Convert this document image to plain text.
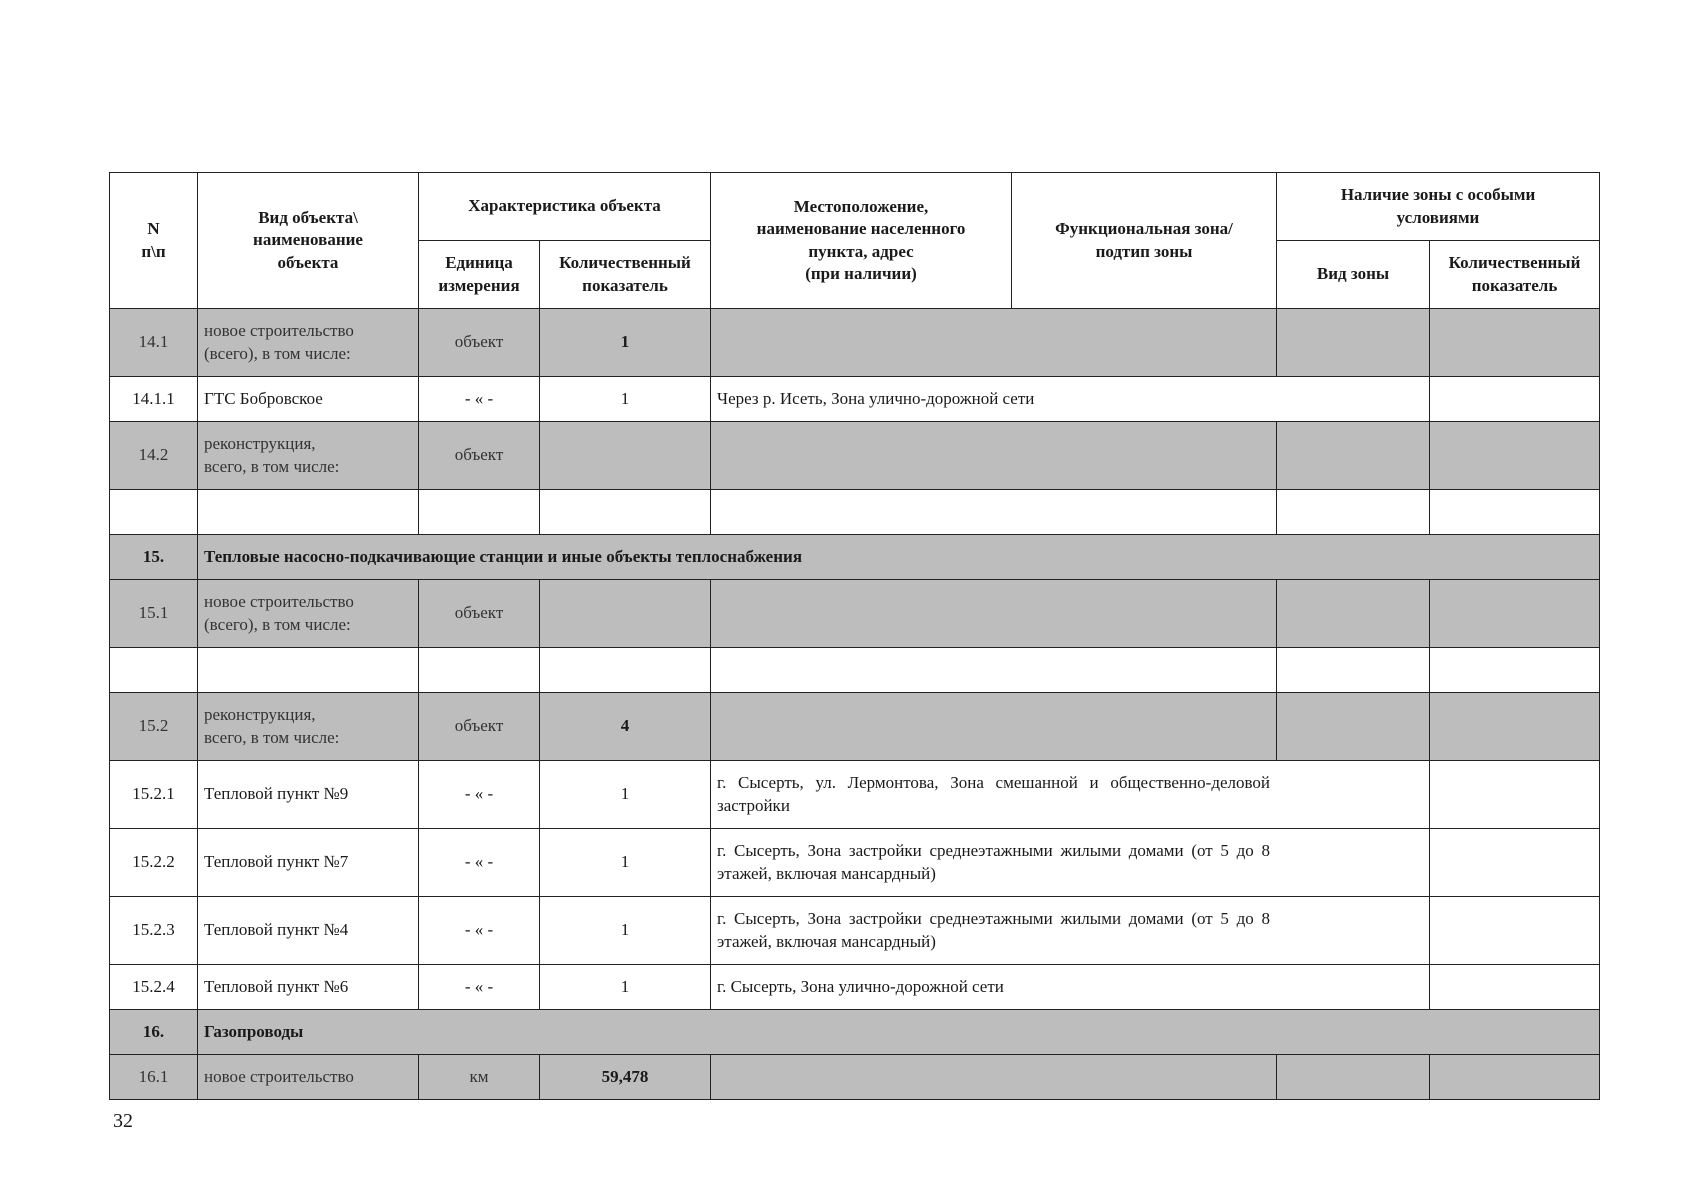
N
п\п	Вид объекта\
наименование
объекта	Характеристика объекта		Местоположение,
наименование населенного
пункта, адрес
(при наличии)	Функциональная зона/
подтип зоны	Наличие зоны с особыми
условиями	
		Единица
измерения	Количественный
показатель			Вид зоны	Количественный
показатель
14.1	новое строительство
(всего), в том числе:	объект	1				
14.1.1	ГТС Бобровское	- « -	1	Через р. Исеть, Зона улично-дорожной сети			
14.2	реконструкция,
всего, в том числе:	объект					

15.	Тепловые насосно-подкачивающие станции и иные объекты теплоснабжения						
15.1	новое строительство
(всего), в том числе:	объект					

15.2	реконструкция,
всего, в том числе:	объект	4				
15.2.1	Тепловой пункт №9	- « -	1	г. Сысерть, ул. Лермонтова, Зона смешанной и общественно-деловой застройки			
15.2.2	Тепловой пункт №7	- « -	1	г. Сысерть, Зона застройки среднеэтажными жилыми домами (от 5 до 8 этажей, включая мансардный)			
15.2.3	Тепловой пункт №4	- « -	1	г. Сысерть, Зона застройки среднеэтажными жилыми домами (от 5 до 8 этажей, включая мансардный)			
15.2.4	Тепловой пункт №6	- « -	1	г. Сысерть, Зона улично-дорожной сети			
16.	Газопроводы						
16.1	новое строительство	км	59,478				
32
